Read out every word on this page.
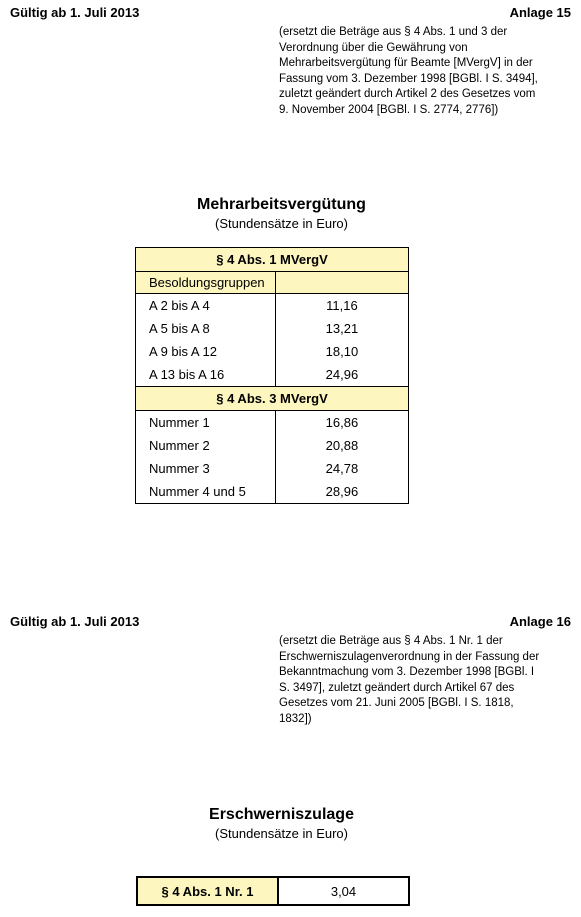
Gültig ab 1. Juli 2013	Anlage 15
(ersetzt die Beträge aus § 4 Abs. 1 und 3 der
Verordnung über die Gewährung von
Mehrarbeitsvergütung für Beamte [MVergV] in der
Fassung vom 3. Dezember 1998 [BGBl. I S. 3494],
zuletzt geändert durch Artikel 2 des Gesetzes vom
9. November 2004 [BGBl. I S. 2774, 2776])
Mehrarbeitsvergütung
(Stundensätze in Euro)
§ 4 Abs. 1 MVergV	
Besoldungsgruppen	
A 2 bis A 4	11,16
A 5 bis A 8	13,21
A 9 bis A 12	18,10
A 13 bis A 16	24,96
§ 4 Abs. 3 MVergV	
Nummer 1	16,86
Nummer 2	20,88
Nummer 3	24,78
Nummer 4 und 5	28,96
Gültig ab 1. Juli 2013	Anlage 16
(ersetzt die Beträge aus § 4 Abs. 1 Nr. 1 der
Erschwerniszulagenverordnung in der Fassung der
Bekanntmachung vom 3. Dezember 1998 [BGBl. I
S. 3497], zuletzt geändert durch Artikel 67 des
Gesetzes vom 21. Juni 2005 [BGBl. I S. 1818,
1832])
Erschwerniszulage
(Stundensätze in Euro)
§ 4 Abs. 1 Nr. 1	3,04
